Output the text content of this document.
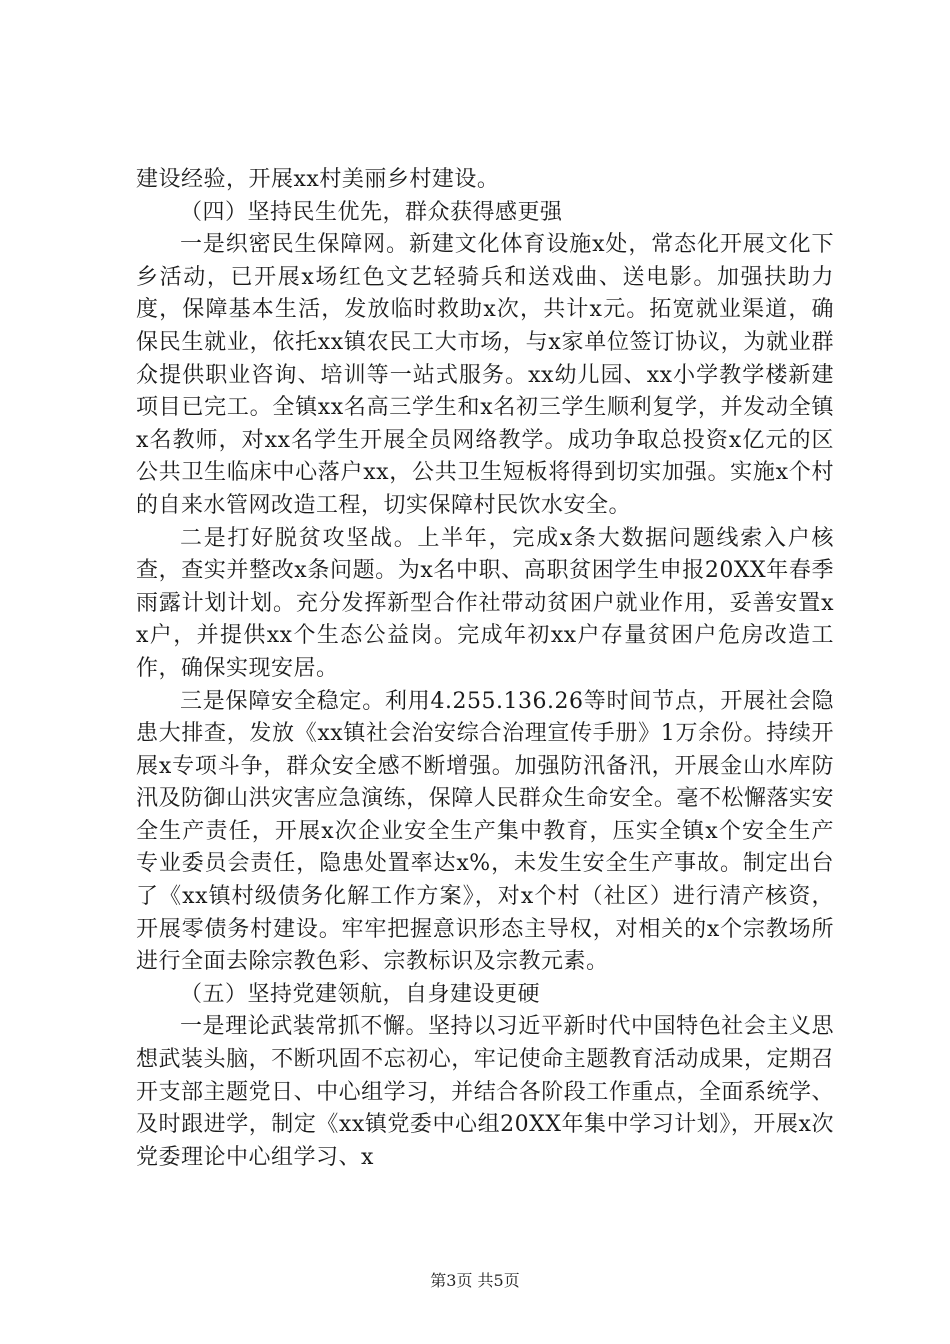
建设经验，开展xx村美丽乡村建设。

（四）坚持民生优先，群众获得感更强

一是织密民生保障网。新建文化体育设施x处，常态化开展文化下乡活动，已开展x场红色文艺轻骑兵和送戏曲、送电影。加强扶助力度，保障基本生活，发放临时救助x次，共计x元。拓宽就业渠道，确保民生就业，依托xx镇农民工大市场，与x家单位签订协议，为就业群众提供职业咨询、培训等一站式服务。xx幼儿园、xx小学教学楼新建项目已完工。全镇xx名高三学生和x名初三学生顺利复学，并发动全镇x名教师，对xx名学生开展全员网络教学。成功争取总投资x亿元的区公共卫生临床中心落户xx，公共卫生短板将得到切实加强。实施x个村的自来水管网改造工程，切实保障村民饮水安全。

二是打好脱贫攻坚战。上半年，完成x条大数据问题线索入户核查，查实并整改x条问题。为x名中职、高职贫困学生申报20XX年春季雨露计划计划。充分发挥新型合作社带动贫困户就业作用，妥善安置xx户，并提供xx个生态公益岗。完成年初xx户存量贫困户危房改造工作，确保实现安居。

三是保障安全稳定。利用4.255.136.26等时间节点，开展社会隐患大排查，发放《xx镇社会治安综合治理宣传手册》1万余份。持续开展x专项斗争，群众安全感不断增强。加强防汛备汛，开展金山水库防汛及防御山洪灾害应急演练，保障人民群众生命安全。毫不松懈落实安全生产责任，开展x次企业安全生产集中教育，压实全镇x个安全生产专业委员会责任，隐患处置率达x%，未发生安全生产事故。制定出台了《xx镇村级债务化解工作方案》，对x个村（社区）进行清产核资，开展零债务村建设。牢牢把握意识形态主导权，对相关的x个宗教场所进行全面去除宗教色彩、宗教标识及宗教元素。

（五）坚持党建领航，自身建设更硬

一是理论武装常抓不懈。坚持以习近平新时代中国特色社会主义思想武装头脑，不断巩固不忘初心，牢记使命主题教育活动成果，定期召开支部主题党日、中心组学习，并结合各阶段工作重点，全面系统学、及时跟进学，制定《xx镇党委中心组20XX年集中学习计划》，开展x次党委理论中心组学习、x

第3页 共5页
